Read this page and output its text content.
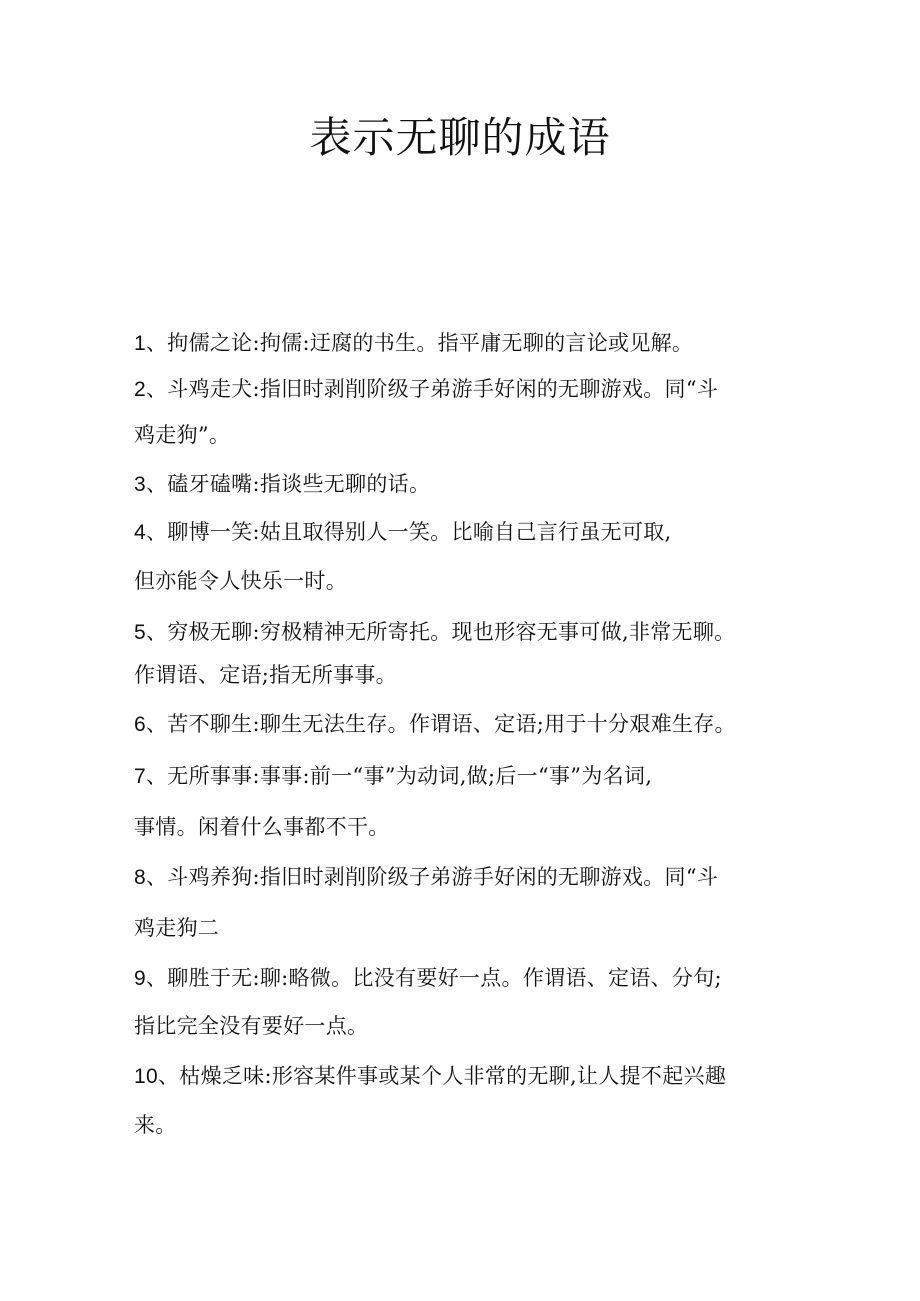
表示无聊的成语
1、拘儒之论:拘儒:迂腐的书生。指平庸无聊的言论或见解。
2、斗鸡走犬:指旧时剥削阶级子弟游手好闲的无聊游戏。同“斗
鸡走狗”。
3、磕牙磕嘴:指谈些无聊的话。
4、聊博一笑:姑且取得别人一笑。比喻自己言行虽无可取,
但亦能令人快乐一时。
5、穷极无聊:穷极精神无所寄托。现也形容无事可做,非常无聊。
作谓语、定语;指无所事事。
6、苦不聊生:聊生无法生存。作谓语、定语;用于十分艰难生存。
7、无所事事:事事:前一“事”为动词,做;后一“事”为名词,
事情。闲着什么事都不干。
8、斗鸡养狗:指旧时剥削阶级子弟游手好闲的无聊游戏。同“斗
鸡走狗二
9、聊胜于无:聊:略微。比没有要好一点。作谓语、定语、分句;
指比完全没有要好一点。
10、枯燥乏味:形容某件事或某个人非常的无聊,让人提不起兴趣
来。
